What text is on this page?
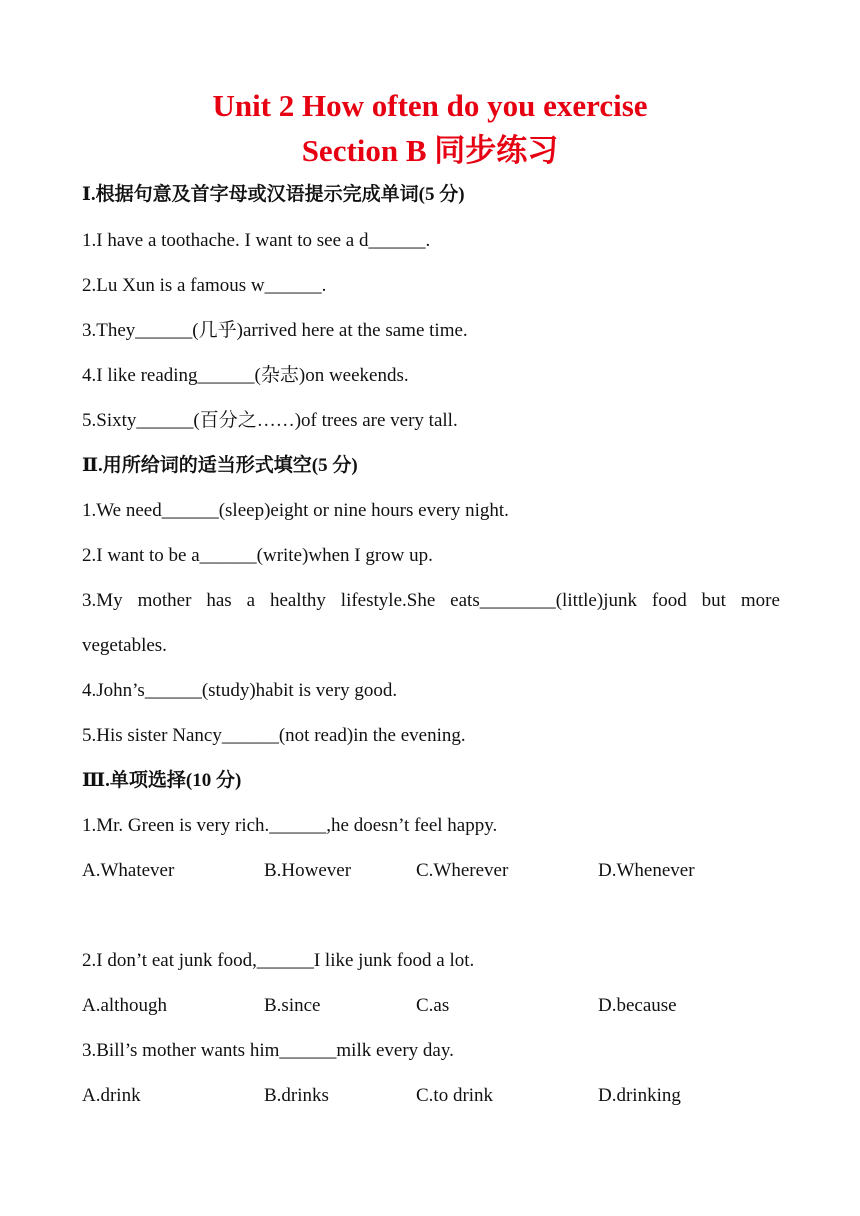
Unit 2 How often do you exercise
Section B 同步练习
Ⅰ.根据句意及首字母或汉语提示完成单词(5 分)
1.I have a toothache. I want to see a d______.
2.Lu Xun is a famous w______.
3.They______(几乎)arrived here at the same time.
4.I like reading______(杂志)on weekends.
5.Sixty______(百分之……)of trees are very tall.
Ⅱ.用所给词的适当形式填空(5 分)
1.We need______(sleep)eight or nine hours every night.
2.I want to be a______(write)when I grow up.
3.My mother has a healthy lifestyle.She eats________(little)junk food but more
vegetables.
4.John’s______(study)habit is very good.
5.His sister Nancy______(not read)in the evening.
Ⅲ.单项选择(10 分)
1.Mr. Green is very rich.______,he doesn’t feel happy.
A.Whatever	B.However	C.Wherever	D.Whenever
2.I don’t eat junk food,______I like junk food a lot.
A.although	B.since	C.as	D.because
3.Bill’s mother wants him______milk every day.
A.drink	B.drinks	C.to drink	D.drinking
